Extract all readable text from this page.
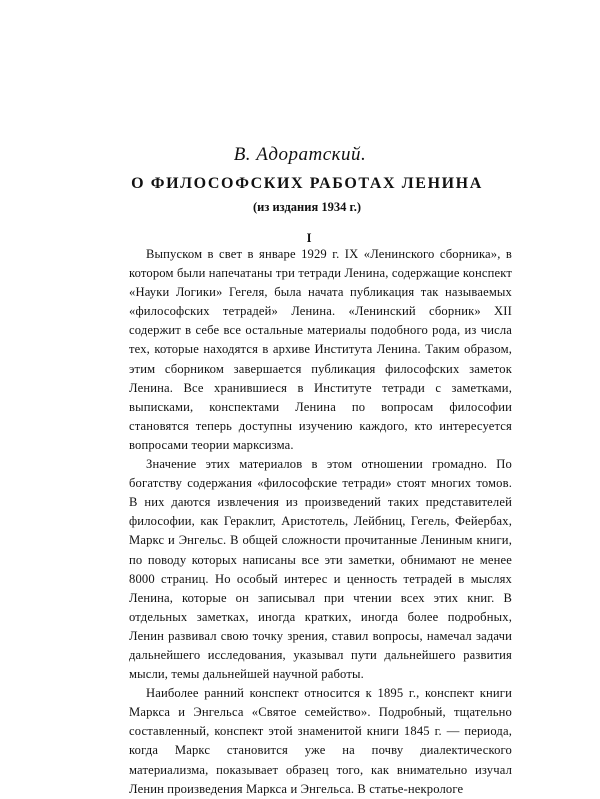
В. Адоратский.
О ФИЛОСОФСКИХ РАБОТАХ ЛЕНИНА
(из издания 1934 г.)
I

Выпуском в свет в январе 1929 г. IX «Ленинского сборника», в котором были напечатаны три тетради Ленина, содержащие конспект «Науки Логики» Гегеля, была начата публикация так называемых «философских тетрадей» Ленина. «Ленинский сборник» XII содержит в себе все остальные материалы подобного рода, из числа тех, которые находятся в архиве Института Ленина. Таким образом, этим сборником завершается публикация философских заметок Ленина. Все хранившиеся в Институте тетради с заметками, выписками, конспектами Ленина по вопросам философии становятся теперь доступны изучению каждого, кто интересуется вопросами теории марксизма.

Значение этих материалов в этом отношении громадно. По богатству содержания «философские тетради» стоят многих томов. В них даются извлечения из произведений таких представителей философии, как Гераклит, Аристотель, Лейбниц, Гегель, Фейербах, Маркс и Энгельс. В общей сложности прочитанные Лениным книги, по поводу которых написаны все эти заметки, обнимают не менее 8000 страниц. Но особый интерес и ценность тетрадей в мыслях Ленина, которые он записывал при чтении всех этих книг. В отдельных заметках, иногда кратких, иногда более подробных, Ленин развивал свою точку зрения, ставил вопросы, намечал задачи дальнейшего исследования, указывал пути дальнейшего развития мысли, темы дальнейшей научной работы.

Наиболее ранний конспект относится к 1895 г., конспект книги Маркса и Энгельса «Святое семейство». Подробный, тщательно составленный, конспект этой знаменитой книги 1845 г. — периода, когда Маркс становится уже на почву диалектического материализма, показывает образец того, как внимательно изучал Ленин произведения Маркса и Энгельса. В статье-некрологе
